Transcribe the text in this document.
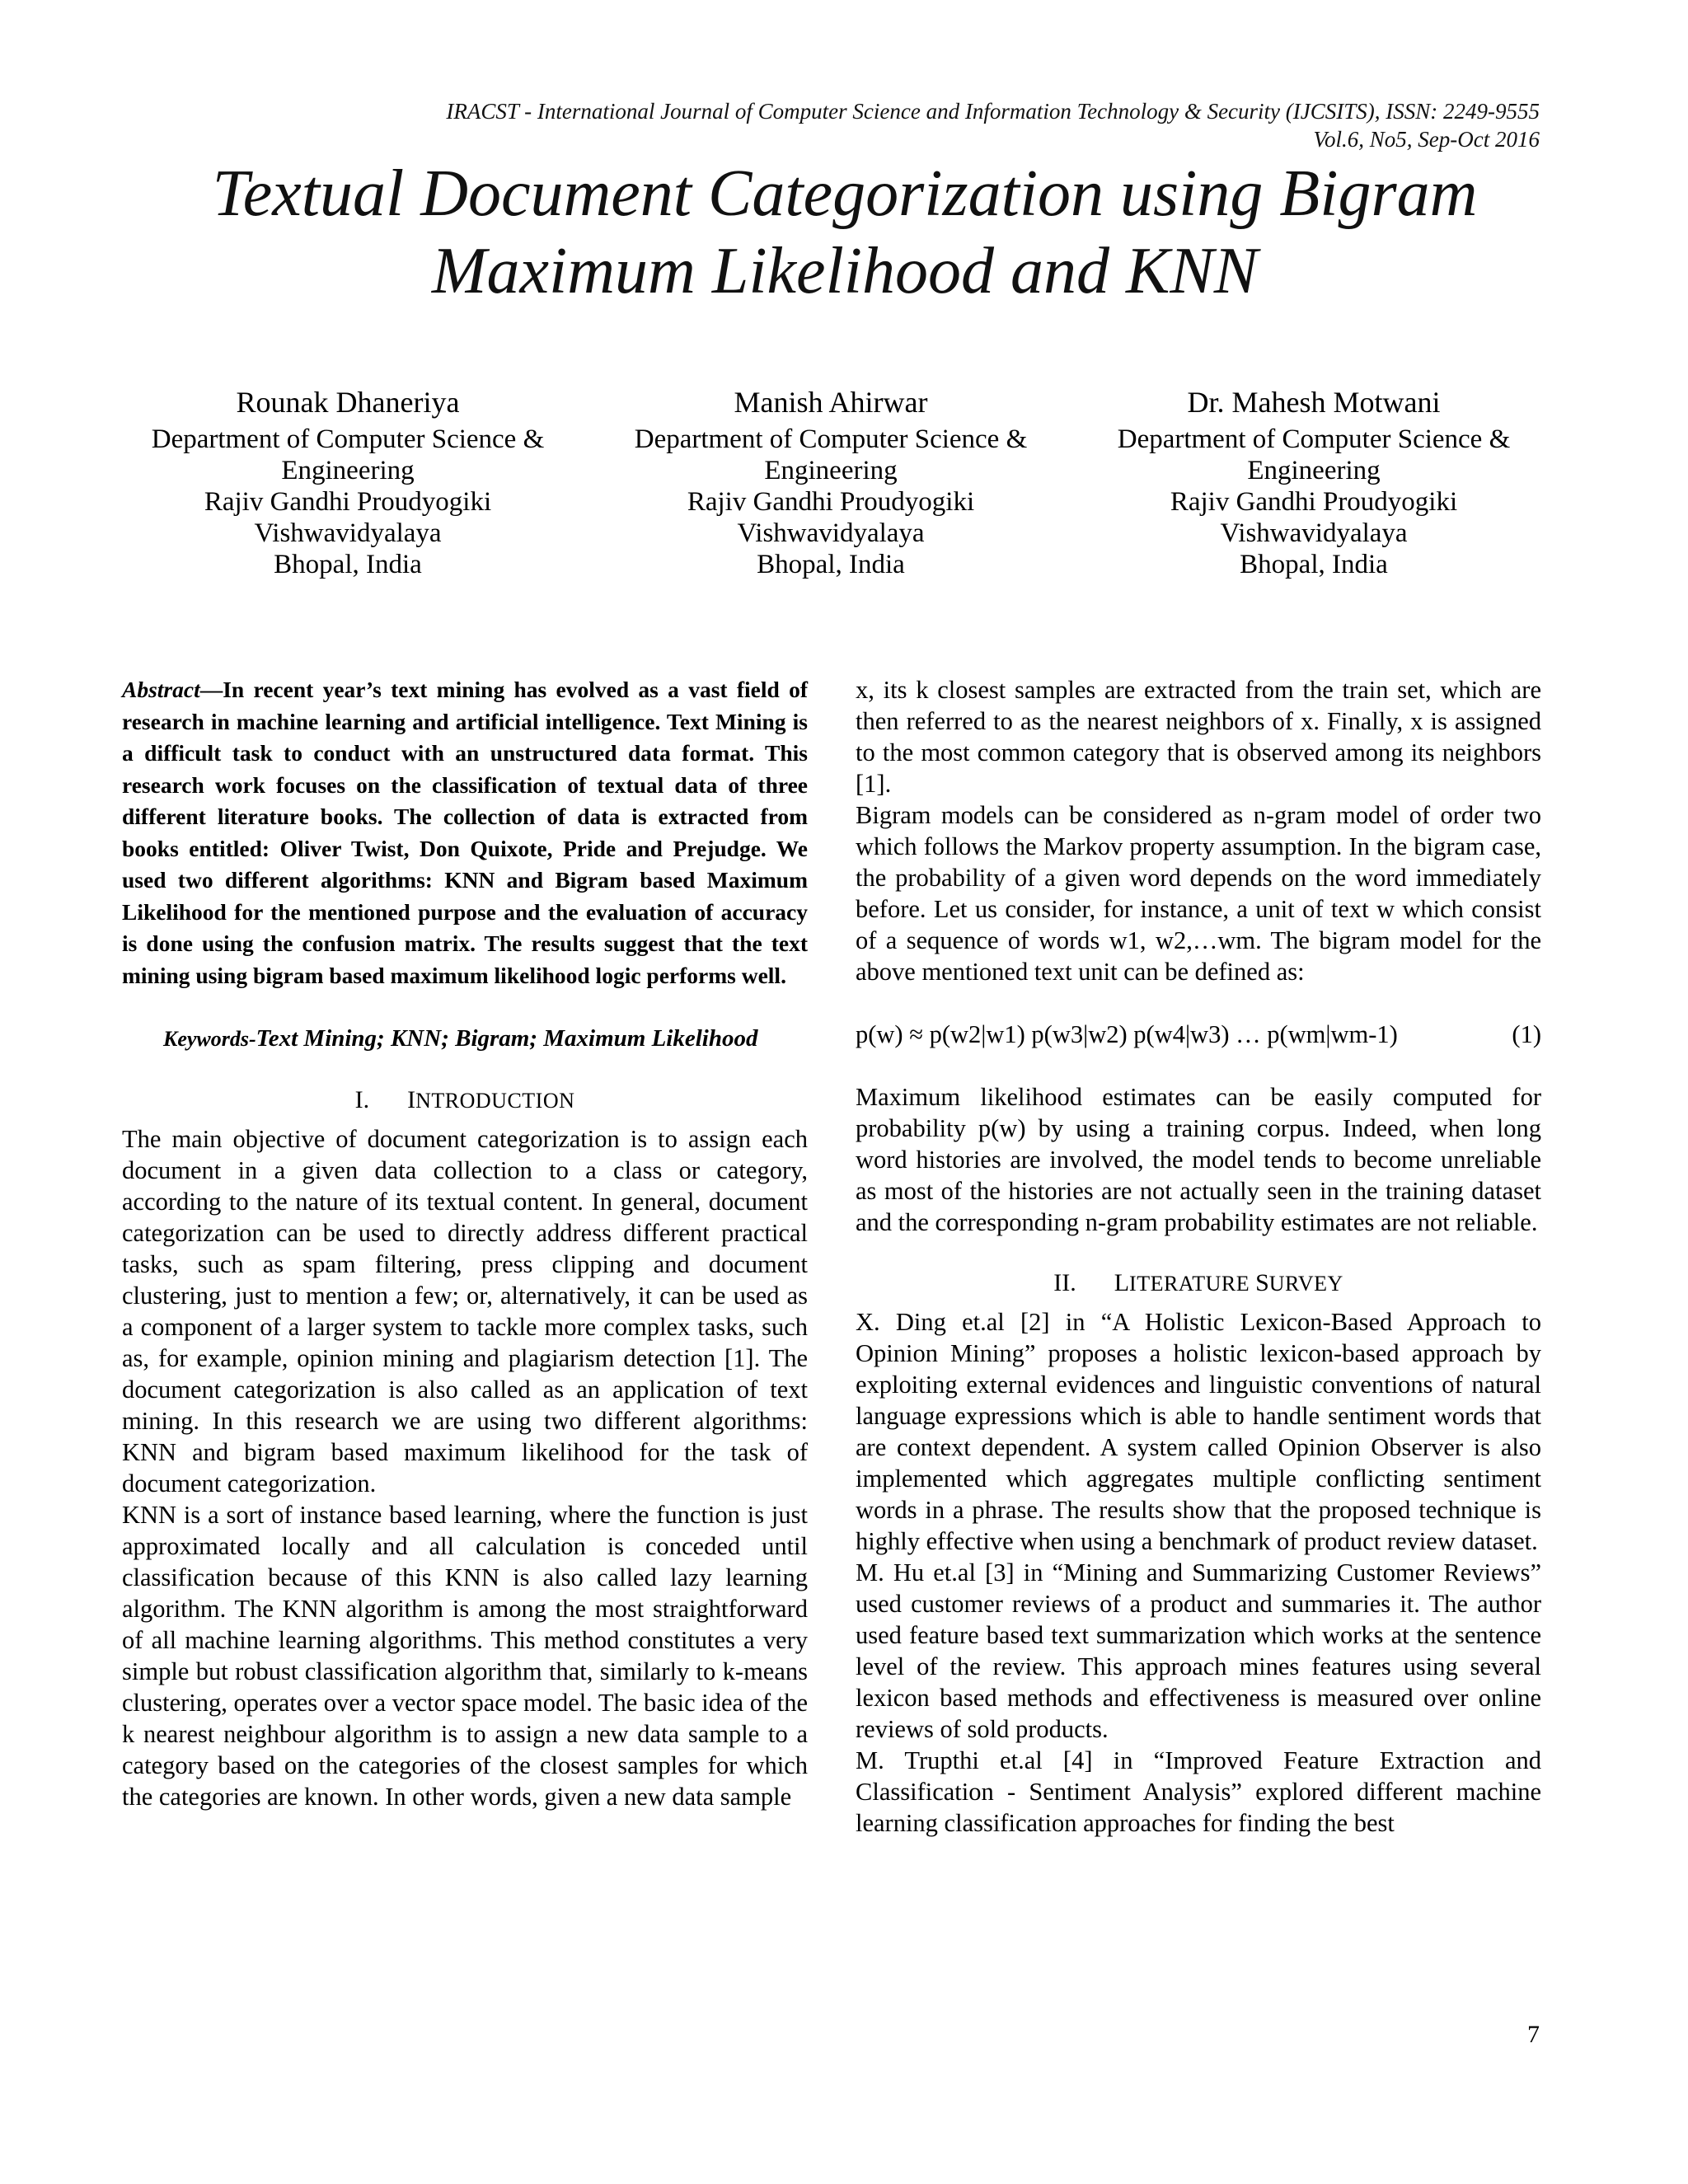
IRACST - International Journal of Computer Science and Information Technology & Security (IJCSITS), ISSN: 2249-9555
Vol.6, No5, Sep-Oct 2016
Textual Document Categorization using Bigram
Maximum Likelihood and KNN
Rounak Dhaneriya
Department of Computer Science &
Engineering
Rajiv Gandhi Proudyogiki
Vishwavidyalaya
Bhopal, India
Manish Ahirwar
Department of Computer Science &
Engineering
Rajiv Gandhi Proudyogiki
Vishwavidyalaya
Bhopal, India
Dr. Mahesh Motwani
Department of Computer Science &
Engineering
Rajiv Gandhi Proudyogiki
Vishwavidyalaya
Bhopal, India

Abstract—In recent year’s text mining has evolved as a vast field of research in machine learning and artificial intelligence. Text Mining is a difficult task to conduct with an unstructured data format. This research work focuses on the classification of textual data of three different literature books. The collection of data is extracted from books entitled: Oliver Twist, Don Quixote, Pride and Prejudge. We used two different algorithms: KNN and Bigram based Maximum Likelihood for the mentioned purpose and the evaluation of accuracy is done using the confusion matrix. The results suggest that the text mining using bigram based maximum likelihood logic performs well.

Keywords-Text Mining; KNN; Bigram; Maximum Likelihood

I. INTRODUCTION

The main objective of document categorization is to assign each document in a given data collection to a class or category, according to the nature of its textual content. In general, document categorization can be used to directly address different practical tasks, such as spam filtering, press clipping and document clustering, just to mention a few; or, alternatively, it can be used as a component of a larger system to tackle more complex tasks, such as, for example, opinion mining and plagiarism detection [1]. The document categorization is also called as an application of text mining. In this research we are using two different algorithms: KNN and bigram based maximum likelihood for the task of document categorization.

KNN is a sort of instance based learning, where the function is just approximated locally and all calculation is conceded until classification because of this KNN is also called lazy learning algorithm. The KNN algorithm is among the most straightforward of all machine learning algorithms. This method constitutes a very simple but robust classification algorithm that, similarly to k-means clustering, operates over a vector space model. The basic idea of the k nearest neighbour algorithm is to assign a new data sample to a category based on the categories of the closest samples for which the categories are known. In other words, given a new data sample

x, its k closest samples are extracted from the train set, which are then referred to as the nearest neighbors of x. Finally, x is assigned to the most common category that is observed among its neighbors [1].

Bigram models can be considered as n-gram model of order two which follows the Markov property assumption. In the bigram case, the probability of a given word depends on the word immediately before. Let us consider, for instance, a unit of text w which consist of a sequence of words w1, w2,…wm. The bigram model for the above mentioned text unit can be defined as:

p(w) ≈ p(w2|w1) p(w3|w2) p(w4|w3) … p(wm|wm-1)	(1)

Maximum likelihood estimates can be easily computed for probability p(w) by using a training corpus. Indeed, when long word histories are involved, the model tends to become unreliable as most of the histories are not actually seen in the training dataset and the corresponding n-gram probability estimates are not reliable.

II. LITERATURE SURVEY

X. Ding et.al [2] in “A Holistic Lexicon-Based Approach to Opinion Mining” proposes a holistic lexicon-based approach by exploiting external evidences and linguistic conventions of natural language expressions which is able to handle sentiment words that are context dependent. A system called Opinion Observer is also implemented which aggregates multiple conflicting sentiment words in a phrase. The results show that the proposed technique is highly effective when using a benchmark of product review dataset.

M. Hu et.al [3] in “Mining and Summarizing Customer Reviews” used customer reviews of a product and summaries it. The author used feature based text summarization which works at the sentence level of the review. This approach mines features using several lexicon based methods and effectiveness is measured over online reviews of sold products.

M. Trupthi et.al [4] in “Improved Feature Extraction and Classification - Sentiment Analysis” explored different machine learning classification approaches for finding the best

7
